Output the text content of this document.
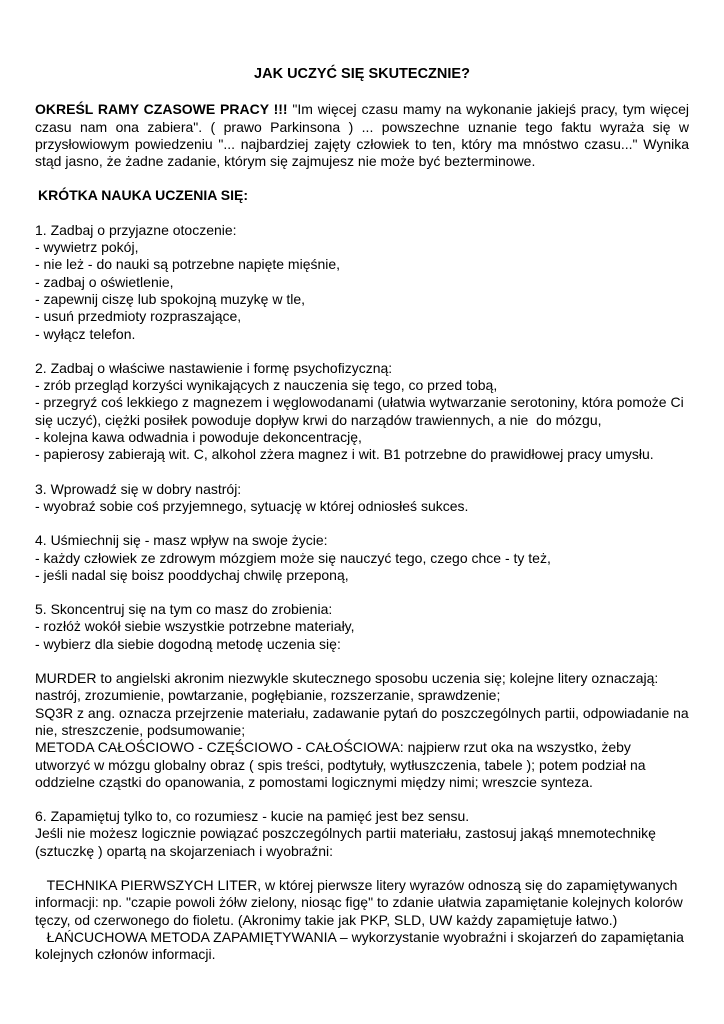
JAK UCZYĆ SIĘ SKUTECZNIE?

OKREŚL RAMY CZASOWE PRACY !!! "Im więcej czasu mamy na wykonanie jakiejś pracy, tym więcej czasu nam ona zabiera". ( prawo Parkinsona ) ... powszechne uznanie tego faktu wyraża się w przysłowiowym powiedzeniu "... najbardziej zajęty człowiek to ten, który ma mnóstwo czasu..." Wynika stąd jasno, że żadne zadanie, którym się zajmujesz nie może być bezterminowe.

KRÓTKA NAUKA UCZENIA SIĘ:
1. Zadbaj o przyjazne otoczenie:
- wywietrz pokój,
- nie leż - do nauki są potrzebne napięte mięśnie,
- zadbaj o oświetlenie,
- zapewnij ciszę lub spokojną muzykę w tle,
- usuń przedmioty rozpraszające,
- wyłącz telefon.
2. Zadbaj o właściwe nastawienie i formę psychofizyczną:
- zrób przegląd korzyści wynikających z nauczenia się tego, co przed tobą,
- przegryź coś lekkiego z magnezem i węglowodanami (ułatwia wytwarzanie serotoniny, która pomoże Ci się uczyć), ciężki posiłek powoduje dopływ krwi do narządów trawiennych, a nie  do mózgu,
- kolejna kawa odwadnia i powoduje dekoncentrację,
- papierosy zabierają wit. C, alkohol zżera magnez i wit. B1 potrzebne do prawidłowej pracy umysłu.
3. Wprowadź się w dobry nastrój:
- wyobraź sobie coś przyjemnego, sytuację w której odniosłeś sukces.
4. Uśmiechnij się - masz wpływ na swoje życie:
- każdy człowiek ze zdrowym mózgiem może się nauczyć tego, czego chce - ty też,
- jeśli nadal się boisz pooddychaj chwilę przeponą,
5. Skoncentruj się na tym co masz do zrobienia:
- rozłóż wokół siebie wszystkie potrzebne materiały,
- wybierz dla siebie dogodną metodę uczenia się:
MURDER to angielski akronim niezwykle skutecznego sposobu uczenia się; kolejne litery oznaczają: nastrój, zrozumienie, powtarzanie, pogłębianie, rozszerzanie, sprawdzenie;
SQ3R z ang. oznacza przejrzenie materiału, zadawanie pytań do poszczególnych partii, odpowiadanie na nie, streszczenie, podsumowanie;
METODA CAŁOŚCIOWO - CZĘŚCIOWO - CAŁOŚCIOWA: najpierw rzut oka na wszystko, żeby utworzyć w mózgu globalny obraz ( spis treści, podtytuły, wytłuszczenia, tabele ); potem podział na oddzielne cząstki do opanowania, z pomostami logicznymi między nimi; wreszcie synteza.
6. Zapamiętuj tylko to, co rozumiesz - kucie na pamięć jest bez sensu.
Jeśli nie możesz logicznie powiązać poszczególnych partii materiału, zastosuj jakąś mnemotechnikę (sztuczkę ) opartą na skojarzeniach i wyobraźni:
TECHNIKA PIERWSZYCH LITER, w której pierwsze litery wyrazów odnoszą się do zapamiętywanych informacji: np. "czapie powoli żółw zielony, niosąc figę" to zdanie ułatwia zapamiętanie kolejnych kolorów tęczy, od czerwonego do fioletu. (Akronimy takie jak PKP, SLD, UW każdy zapamiętuje łatwo.)
ŁAŃCUCHOWA METODA ZAPAMIĘTYWANIA – wykorzystanie wyobraźni i skojarzeń do zapamiętania kolejnych członów informacji.
